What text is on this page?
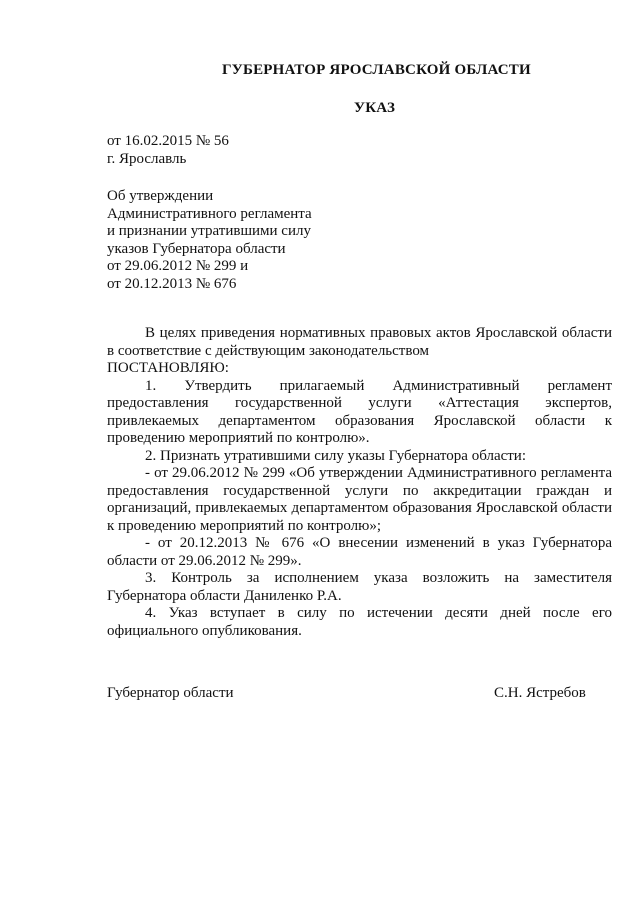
ГУБЕРНАТОР ЯРОСЛАВСКОЙ ОБЛАСТИ
УКАЗ
от 16.02.2015 № 56
г. Ярославль
Об утверждении
Административного регламента
и признании утратившими силу
указов Губернатора области
от 29.06.2012 № 299 и
от 20.12.2013 № 676

В целях приведения нормативных правовых актов Ярославской области в соответствие с действующим законодательством

ПОСТАНОВЛЯЮ:

1. Утвердить прилагаемый Административный регламент предоставления государственной услуги «Аттестация экспертов, привлекаемых департаментом образования Ярославской области к проведению мероприятий по контролю».

2. Признать утратившими силу указы Губернатора области:

- от 29.06.2012 № 299 «Об утверждении Административного регламента предоставления государственной услуги по аккредитации граждан и организаций, привлекаемых департаментом образования Ярославской области к проведению мероприятий по контролю»;

- от 20.12.2013 № 676 «О внесении изменений в указ Губернатора области от 29.06.2012 № 299».

3. Контроль за исполнением указа возложить на заместителя Губернатора области Даниленко Р.А.

4. Указ вступает в силу по истечении десяти дней после его официального опубликования.

Губернатор области	С.Н. Ястребов
